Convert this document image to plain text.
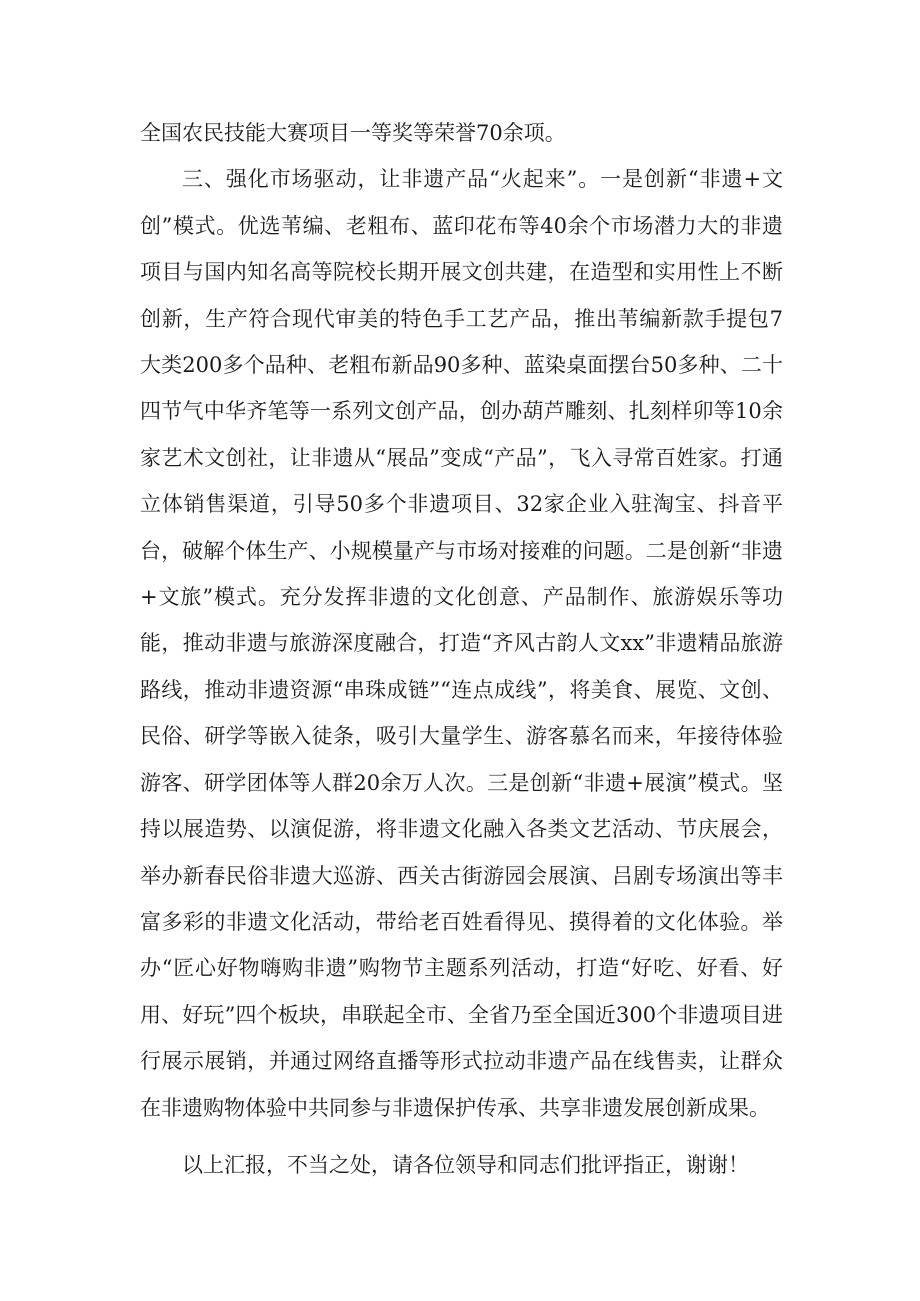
全国农民技能大赛项目一等奖等荣誉70余项。

三、强化市场驱动，让非遗产品“火起来”。一是创新“非遗+文创”模式。优选苇编、老粗布、蓝印花布等40余个市场潜力大的非遗项目与国内知名高等院校长期开展文创共建，在造型和实用性上不断创新，生产符合现代审美的特色手工艺产品，推出苇编新款手提包7大类200多个品种、老粗布新品90多种、蓝染桌面摆台50多种、二十四节气中华齐笔等一系列文创产品，创办葫芦雕刻、扎刻样卯等10余家艺术文创社，让非遗从“展品”变成“产品”，飞入寻常百姓家。打通立体销售渠道，引导50多个非遗项目、32家企业入驻淘宝、抖音平台，破解个体生产、小规模量产与市场对接难的问题。二是创新“非遗+文旅”模式。充分发挥非遗的文化创意、产品制作、旅游娱乐等功能，推动非遗与旅游深度融合，打造“齐风古韵人文xx”非遗精品旅游路线，推动非遗资源“串珠成链”“连点成线”，将美食、展览、文创、民俗、研学等嵌入徒条，吸引大量学生、游客慕名而来，年接待体验游客、研学团体等人群20余万人次。三是创新“非遗+展演”模式。坚持以展造势、以演促游，将非遗文化融入各类文艺活动、节庆展会，举办新春民俗非遗大巡游、西关古街游园会展演、吕剧专场演出等丰富多彩的非遗文化活动，带给老百姓看得见、摸得着的文化体验。举办“匠心好物嗨购非遗”购物节主题系列活动，打造“好吃、好看、好用、好玩”四个板块，串联起全市、全省乃至全国近300个非遗项目进行展示展销，并通过网络直播等形式拉动非遗产品在线售卖，让群众在非遗购物体验中共同参与非遗保护传承、共享非遗发展创新成果。

以上汇报，不当之处，请各位领导和同志们批评指正，谢谢！
